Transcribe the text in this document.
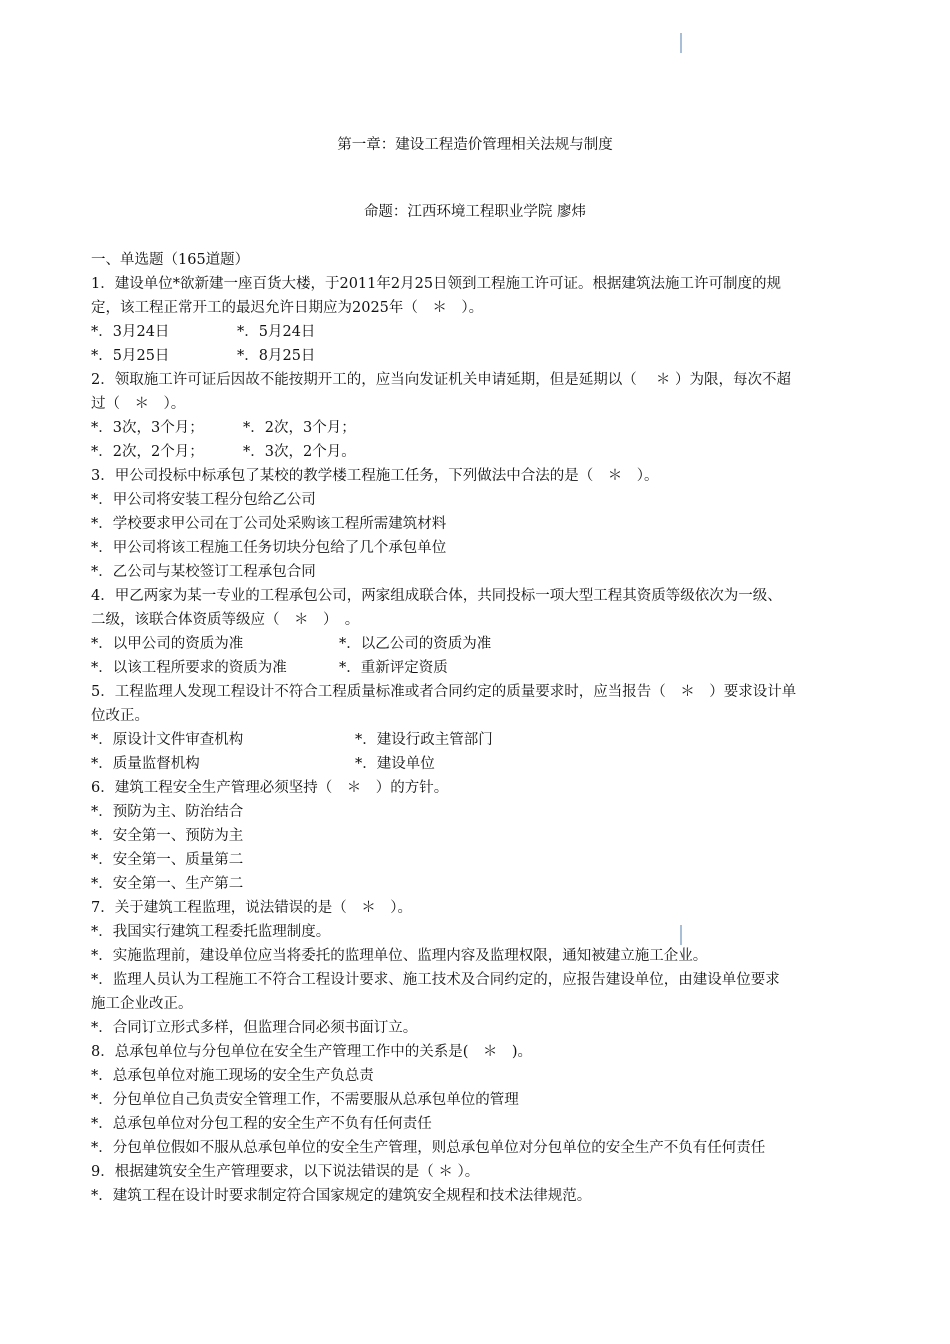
第一章：建设工程造价管理相关法规与制度
命题：江西环境工程职业学院 廖炜
一、单选题（165道题）
1．建设单位*欲新建一座百货大楼，于2011年2月25日领到工程施工许可证。根据建筑法施工许可制度的规
定，该工程正常开工的最迟允许日期应为2025年（　＊　）。
*．3月24日	*．5月24日
*．5月25日	*．8月25日
2．领取施工许可证后因故不能按期开工的，应当向发证机关申请延期，但是延期以（　 ＊ ）为限，每次不超
过（　＊　）。
*．3次，3个月；	*．2次，3个月；
*．2次，2个月；	*．3次，2个月。
3．甲公司投标中标承包了某校的教学楼工程施工任务，下列做法中合法的是（　＊　）。
*．甲公司将安装工程分包给乙公司
*．学校要求甲公司在丁公司处采购该工程所需建筑材料
*．甲公司将该工程施工任务切块分包给了几个承包单位
*．乙公司与某校签订工程承包合同
4．甲乙两家为某一专业的工程承包公司，两家组成联合体，共同投标一项大型工程其资质等级依次为一级、
二级，该联合体资质等级应（　＊　）　。
*．以甲公司的资质为准	*．以乙公司的资质为准
*．以该工程所要求的资质为准	*．重新评定资质
5．工程监理人发现工程设计不符合工程质量标准或者合同约定的质量要求时，应当报告（　＊　）要求设计单
位改正。
*．原设计文件审查机构	*．建设行政主管部门
*．质量监督机构	*．建设单位
6．建筑工程安全生产管理必须坚持（　＊　）的方针。
*．预防为主、防治结合
*．安全第一、预防为主
*．安全第一、质量第二
*．安全第一、生产第二
7．关于建筑工程监理，说法错误的是（　＊　）。
*．我国实行建筑工程委托监理制度。
*．实施监理前，建设单位应当将委托的监理单位、监理内容及监理权限，通知被建立施工企业。
*．监理人员认为工程施工不符合工程设计要求、施工技术及合同约定的，应报告建设单位，由建设单位要求
施工企业改正。
*．合同订立形式多样，但监理合同必须书面订立。
8．总承包单位与分包单位在安全生产管理工作中的关系是(　＊　)。
*．总承包单位对施工现场的安全生产负总责
*．分包单位自己负责安全管理工作，不需要服从总承包单位的管理
*．总承包单位对分包工程的安全生产不负有任何责任
*．分包单位假如不服从总承包单位的安全生产管理，则总承包单位对分包单位的安全生产不负有任何责任
9．根据建筑安全生产管理要求，以下说法错误的是（ ＊ ）。
*．建筑工程在设计时要求制定符合国家规定的建筑安全规程和技术法律规范。
